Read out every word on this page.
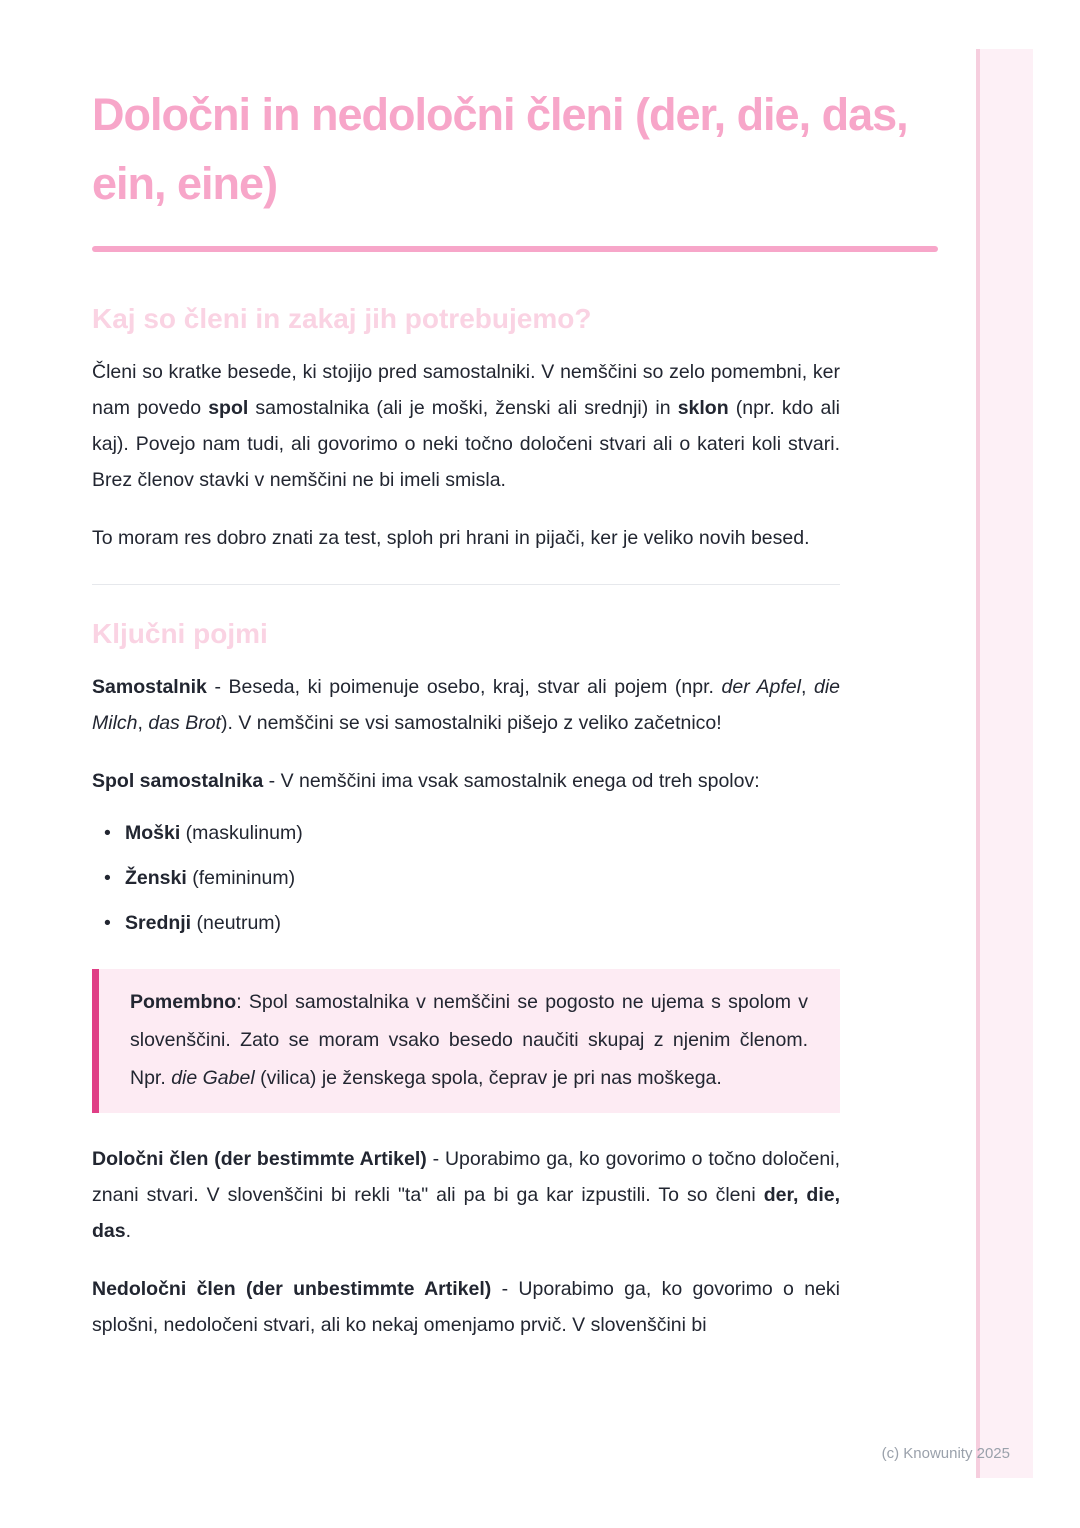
Določni in nedoločni členi (der, die, das, ein, eine)
Kaj so členi in zakaj jih potrebujemo?

Členi so kratke besede, ki stojijo pred samostalniki. V nemščini so zelo pomembni, ker nam povedo spol samostalnika (ali je moški, ženski ali srednji) in sklon (npr. kdo ali kaj). Povejo nam tudi, ali govorimo o neki točno določeni stvari ali o kateri koli stvari. Brez členov stavki v nemščini ne bi imeli smisla.

To moram res dobro znati za test, sploh pri hrani in pijači, ker je veliko novih besed.

Ključni pojmi

Samostalnik - Beseda, ki poimenuje osebo, kraj, stvar ali pojem (npr. der Apfel, die Milch, das Brot). V nemščini se vsi samostalniki pišejo z veliko začetnico!

Spol samostalnika - V nemščini ima vsak samostalnik enega od treh spolov:

• Moški (maskulinum)
• Ženski (femininum)
• Srednji (neutrum)

Pomembno: Spol samostalnika v nemščini se pogosto ne ujema s spolom v slovenščini. Zato se moram vsako besedo naučiti skupaj z njenim členom. Npr. die Gabel (vilica) je ženskega spola, čeprav je pri nas moškega.

Določni člen (der bestimmte Artikel) - Uporabimo ga, ko govorimo o točno določeni, znani stvari. V slovenščini bi rekli "ta" ali pa bi ga kar izpustili. To so členi der, die, das.

Nedoločni člen (der unbestimmte Artikel) - Uporabimo ga, ko govorimo o neki splošni, nedoločeni stvari, ali ko nekaj omenjamo prvič. V slovenščini bi

(c) Knowunity 2025
